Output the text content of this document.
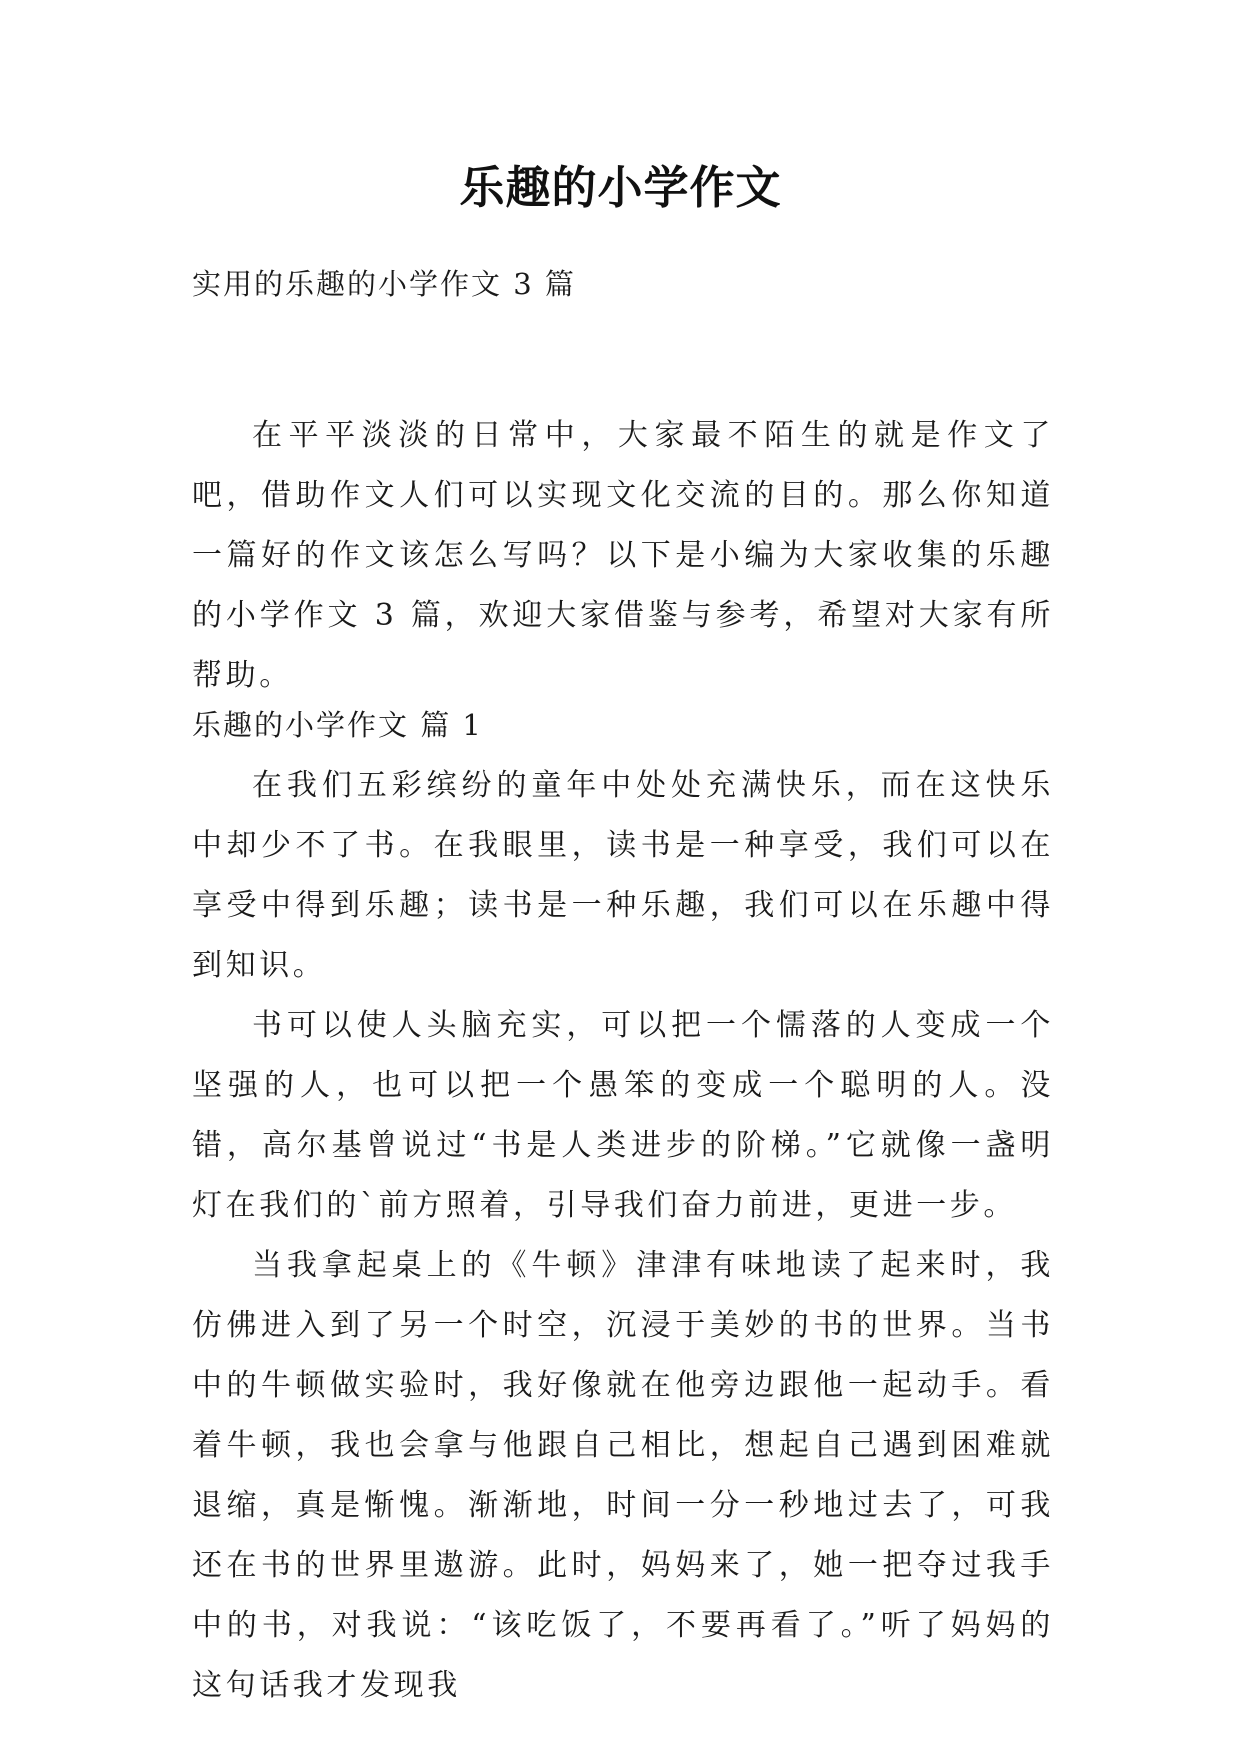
乐趣的小学作文
实用的乐趣的小学作文 3 篇

在平平淡淡的日常中，大家最不陌生的就是作文了吧，借助作文人们可以实现文化交流的目的。那么你知道一篇好的作文该怎么写吗？以下是小编为大家收集的乐趣的小学作文 3 篇，欢迎大家借鉴与参考，希望对大家有所帮助。

乐趣的小学作文 篇 1

在我们五彩缤纷的童年中处处充满快乐，而在这快乐中却少不了书。在我眼里，读书是一种享受，我们可以在享受中得到乐趣；读书是一种乐趣，我们可以在乐趣中得到知识。

书可以使人头脑充实，可以把一个懦落的人变成一个坚强的人，也可以把一个愚笨的变成一个聪明的人。没错，高尔基曾说过“书是人类进步的阶梯。”它就像一盏明灯在我们的`前方照着，引导我们奋力前进，更进一步。

当我拿起桌上的《牛顿》津津有味地读了起来时，我仿佛进入到了另一个时空，沉浸于美妙的书的世界。当书中的牛顿做实验时，我好像就在他旁边跟他一起动手。看着牛顿，我也会拿与他跟自己相比，想起自己遇到困难就退缩，真是惭愧。渐渐地，时间一分一秒地过去了，可我还在书的世界里遨游。此时，妈妈来了，她一把夺过我手中的书，对我说：“该吃饭了，不要再看了。”听了妈妈的这句话我才发现我
